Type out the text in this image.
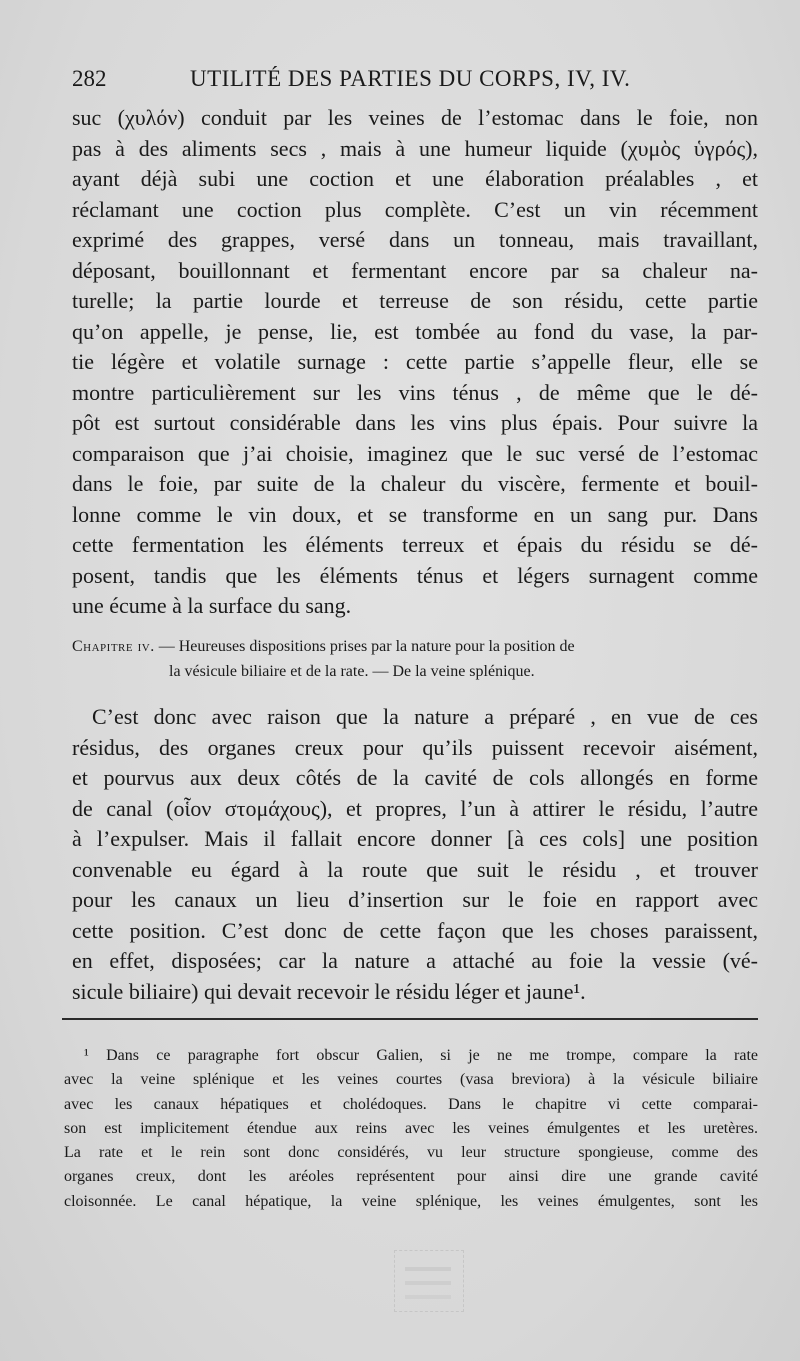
282	UTILITÉ DES PARTIES DU CORPS, IV, IV.
suc (χυλόν) conduit par les veines de l’estomac dans le foie, non
pas à des aliments secs , mais à une humeur liquide (χυμὸς ὑγρός),
ayant déjà subi une coction et une élaboration préalables , et
réclamant une coction plus complète. C’est un vin récemment
exprimé des grappes, versé dans un tonneau, mais travaillant,
déposant, bouillonnant et fermentant encore par sa chaleur na-
turelle; la partie lourde et terreuse de son résidu, cette partie
qu’on appelle, je pense, lie, est tombée au fond du vase, la par-
tie légère et volatile surnage : cette partie s’appelle fleur, elle se
montre particulièrement sur les vins ténus , de même que le dé-
pôt est surtout considérable dans les vins plus épais. Pour suivre la
comparaison que j’ai choisie, imaginez que le suc versé de l’estomac
dans le foie, par suite de la chaleur du viscère, fermente et bouil-
lonne comme le vin doux, et se transforme en un sang pur. Dans
cette fermentation les éléments terreux et épais du résidu se dé-
posent, tandis que les éléments ténus et légers surnagent comme
une écume à la surface du sang.
Chapitre iv. — Heureuses dispositions prises par la nature pour la position de
la vésicule biliaire et de la rate. — De la veine splénique.
C’est donc avec raison que la nature a préparé , en vue de ces
résidus, des organes creux pour qu’ils puissent recevoir aisément,
et pourvus aux deux côtés de la cavité de cols allongés en forme
de canal (οἷον στομάχους), et propres, l’un à attirer le résidu, l’autre
à l’expulser. Mais il fallait encore donner [à ces cols] une position
convenable eu égard à la route que suit le résidu , et trouver
pour les canaux un lieu d’insertion sur le foie en rapport avec
cette position. C’est donc de cette façon que les choses paraissent,
en effet, disposées; car la nature a attaché au foie la vessie (vé-
sicule biliaire) qui devait recevoir le résidu léger et jaune¹.
¹ Dans ce paragraphe fort obscur Galien, si je ne me trompe, compare la rate
avec la veine splénique et les veines courtes (vasa breviora) à la vésicule biliaire
avec les canaux hépatiques et cholédoques. Dans le chapitre vi cette comparai-
son est implicitement étendue aux reins avec les veines émulgentes et les uretères.
La rate et le rein sont donc considérés, vu leur structure spongieuse, comme des
organes creux, dont les aréoles représentent pour ainsi dire une grande cavité
cloisonnée. Le canal hépatique, la veine splénique, les veines émulgentes, sont les
